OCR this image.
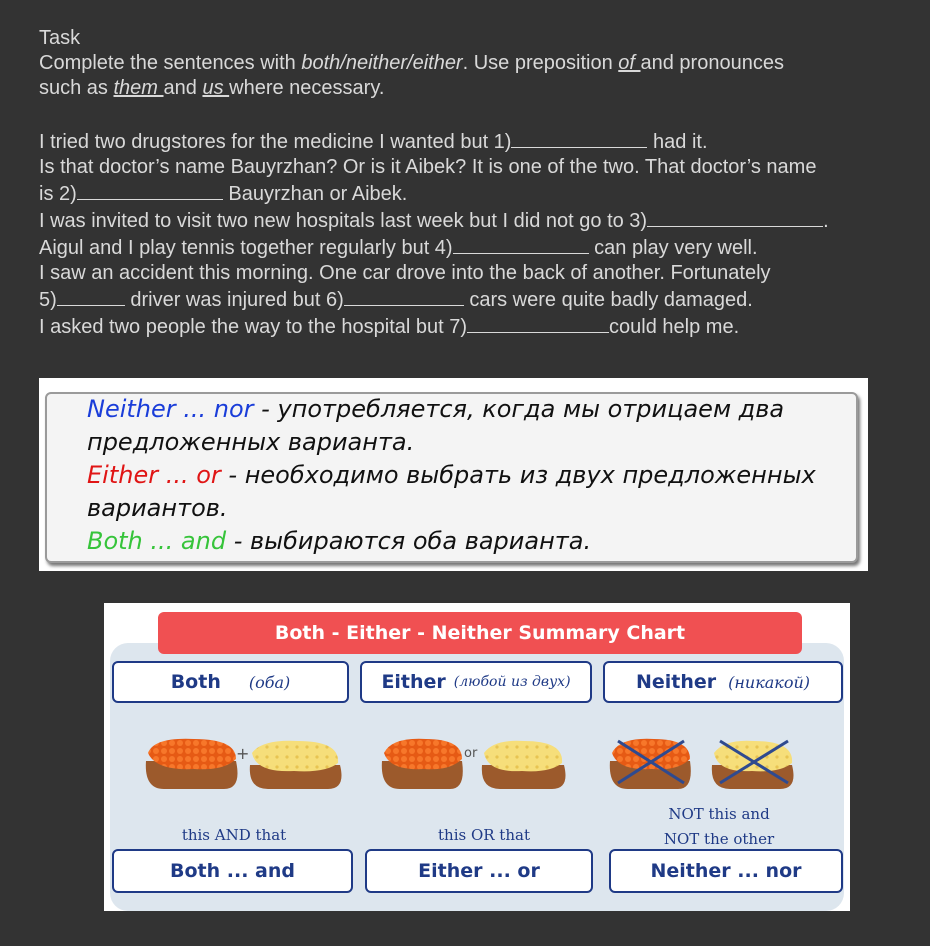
Task

Complete the sentences with both/neither/either. Use preposition of and pronounces
such as them and us where necessary.

I tried two drugstores for the medicine I wanted but 1)	had it.
Is that doctor’s name Bauyrzhan? Or is it Aibek? It is one of the two. That doctor’s name
is 2)	Bauyrzhan or Aibek.
I was invited to visit two new hospitals last week but I did not go to 3)	.
Aigul and I play tennis together regularly but 4)	can play very well.
I saw an accident this morning. One car drove into the back of another. Fortunately
5)	driver was injured but 6)	cars were quite badly damaged.
I asked two people the way to the hospital but 7)	could help me.
Neither ... nor - употребляется, когда мы отрицаем два
предложенных варианта.
Either ... or - необходимо выбрать из двух предложенных
вариантов.
Both ... and - выбираются оба варианта.
Both - Either - Neither Summary Chart
Both (оба)	Either (любой из двух)	Neither (никакой)
+	or
this AND that	this OR that
NOT this and
NOT the other
Both ... and	Either ... or	Neither ... nor
